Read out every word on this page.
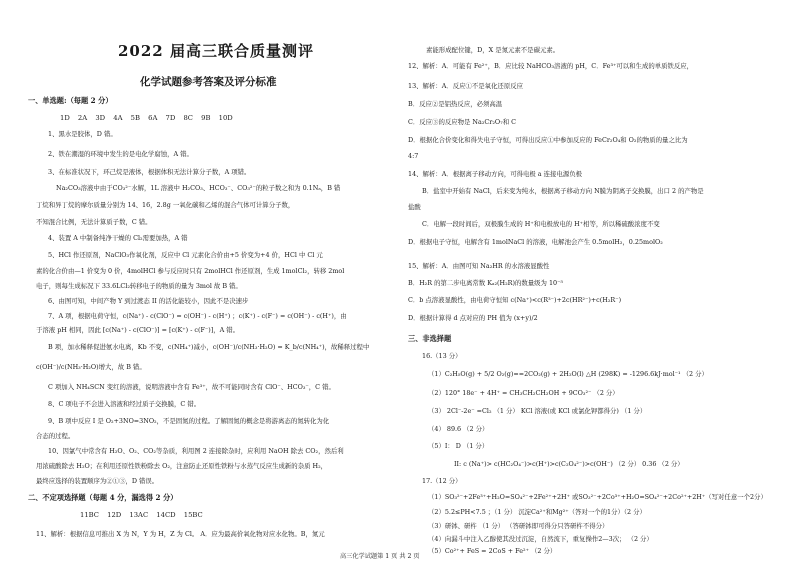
2022 届高三联合质量测评
化学试题参考答案及评分标准
一、单选题:（每题 2 分）
1D 2A 3D 4A 5B 6A 7D 8C 9B 10D
1、黑水是胶体，D 错。
2、铁在潮湿的环境中发生的是电化学腐蚀，A 错。
3、在标准状况下，环己烷是液体，根据体积无法计算分子数，A 项错。
Na₂CO₃溶液中由于CO₃²⁻水解，1L 溶液中 H₂CO₃、HCO₃⁻、CO₃²⁻的粒子数之和为 0.1Nₐ，B 错
丁烷和异丁烷的摩尔质量分别为 14、16，2.8g 一氧化碳和乙烯的混合气体可计算分子数，
不知混合比例，无法计算质子数，C 错。
4、装置 A 中制备纯净干燥的 Cl₂需要加热，A 错
5、HCl 作还原剂，NaClO₃作氧化剂，反应中 Cl 元素化合价由+5 价变为+4 价，HCl 中 Cl 元
素的化合价由—1 价变为 0 价，4molHCl 参与反应时只有 2molHCl 作还原剂，生成 1molCl₂，转移 2mol
电子，则每生成标况下 33.6LCl₂转移电子的物质的量为 3mol 故 B 错。
6、由图可知，中间产物 Y 到过渡态 II 的活化能较小，因此不是决速步
7、A 项，根据电荷守恒，c(Na⁺) - c(ClO⁻) = c(OH⁻) - c(H⁺) ；c(K⁺) - c(F⁻) = c(OH⁻) - c(H⁺)，由
于溶液 pH 相同，因此 [c(Na⁺) - c(ClO⁻)] = [c(K⁺) - c(F⁻)]，A 错。
B 项，加水稀释促进氨水电离，Kb 不变，c(NH₄⁺)减小，c(OH⁻)/c(NH₃·H₂O) = K_b/c(NH₄⁺)，故稀释过程中
c(OH⁻)/c(NH₃·H₂O)增大，故 B 错。
C 项加入 NH₄SCN 变红的溶液，说明溶液中含有 Fe³⁺，故不可能同时含有 ClO⁻、HCO₃⁻，C 错。
8、C 项电子不会进入溶液和经过质子交换膜，C 错。
9、B 项中反应 I 是 O₂+3NO=3NO₂，不是固氮的过程。了解固氮的概念是将游离态的氮转化为化
合态的过程。
10、因氯气中常含有 H₂O、O₂、CO₂等杂质，利用图 2 连接除杂时，应利用 NaOH 除去 CO₂，然后利
用浓硫酸除去 H₂O；在利用还原性铁粉除去 O₂，注意防止还原性铁粉与水蒸气反应生成新的杂质 H₂，
最终应选择的装置顺序为②①③，D 错误。
二、不定项选择题（每题 4 分，漏选得 2 分）
11BC 12D 13AC 14CD 15BC
11、解析：根据信息可推出 X 为 N，Y 为 H，Z 为 Cl。 A．应为最高价氧化物对应水化物。B，氮元
素能形成配位键，D，X 是氮元素不是碳元素。
12、解析：A．可能有 Fe²⁺，B．应比较 NaHCO₃溶液的 pH，C．Fe³⁺可以和生成的单质铁反应，
13、解析：A．反应①不是氧化还原反应
B．反应②是铝热反应，必须高温
C．反应③的反应物是 Na₂Cr₂O₇和 C
D．根据化合价变化和得失电子守恒，可得出反应①中参加反应的 FeCr₂O₄和 O₂的物质的量之比为
4:7
14、解析：A．根据离子移动方向，可得电极 a 连接电源负极
B．盐室中开始有 NaCl，后来变为纯水，根据离子移动方向 N膜为阴离子交换膜，出口 2 的产物是
盐酸
C．电解一段时间后，双极膜生成的 H⁺和电极放电的 H⁺相等，所以稀硫酸浓度不变
D．根据电子守恒，电解含有 1molNaCl 的溶液，电解池会产生 0.5molH₂，0.25molO₂
15、解析：A．由图可知 Na₂HR 的水溶液显酸性
B．H₂R 的第二步电离常数 Kₐ₂(H₂R)的数量级为 10⁻⁵
C．b 点溶液显酸性，由电荷守恒知 c(Na⁺)<c(R³⁻)+2c(HR²⁻)+c(H₂R⁻)
D．根据计算得 d 点对应的 PH 值为 (x+y)/2
三、非选择题
16.（13 分）
（1）C₂H₅O(g) + 5/2 O₂(g)==2CO₂(g) + 2H₂O(l) △H (298K) = -1296.6kJ·mol⁻¹ （2 分）
（2）120° 18e⁻ + 4H⁺ = CH₃CH₂CH₂OH + 9CO₃²⁻ （2 分）
（3） 2Cl⁻-2e⁻ =Cl₂ （1 分） KCl 溶液(或 KCl 或氯化钾都得分) （1 分）
（4） 89.6 （2 分）
（5）I： D （1 分）
II: c (Na⁺)> c(HC₂O₄⁻)>c(H⁺)>c(C₂O₄²⁻)>c(OH⁻) （2 分） 0.36 （2 分）
17.（12 分）
（1）SO₃²⁻+2Fe³⁺+H₂O=SO₄²⁻+2Fe²⁺+2H⁺ 或SO₃²⁻+2Co³⁺+H₂O=SO₄²⁻+2Co²⁺+2H⁺（写对任意一个2分）
（2）5.2≤PH<7.5 ；（1 分） 沉淀Ca²⁺和Mg²⁺（答对一个的1分）（2 分）
（3）研钵、研杵 （1 分） （答研钵即可得分只答研杵不得分）
（4）向漏斗中注入乙醇使其没过沉淀，自然流下，重复操作2—3次； （2 分）
（5）Co²⁺+ FeS = 2CoS + Fe²⁺ （2 分）
高三化学试题第 1 页 共 2 页
